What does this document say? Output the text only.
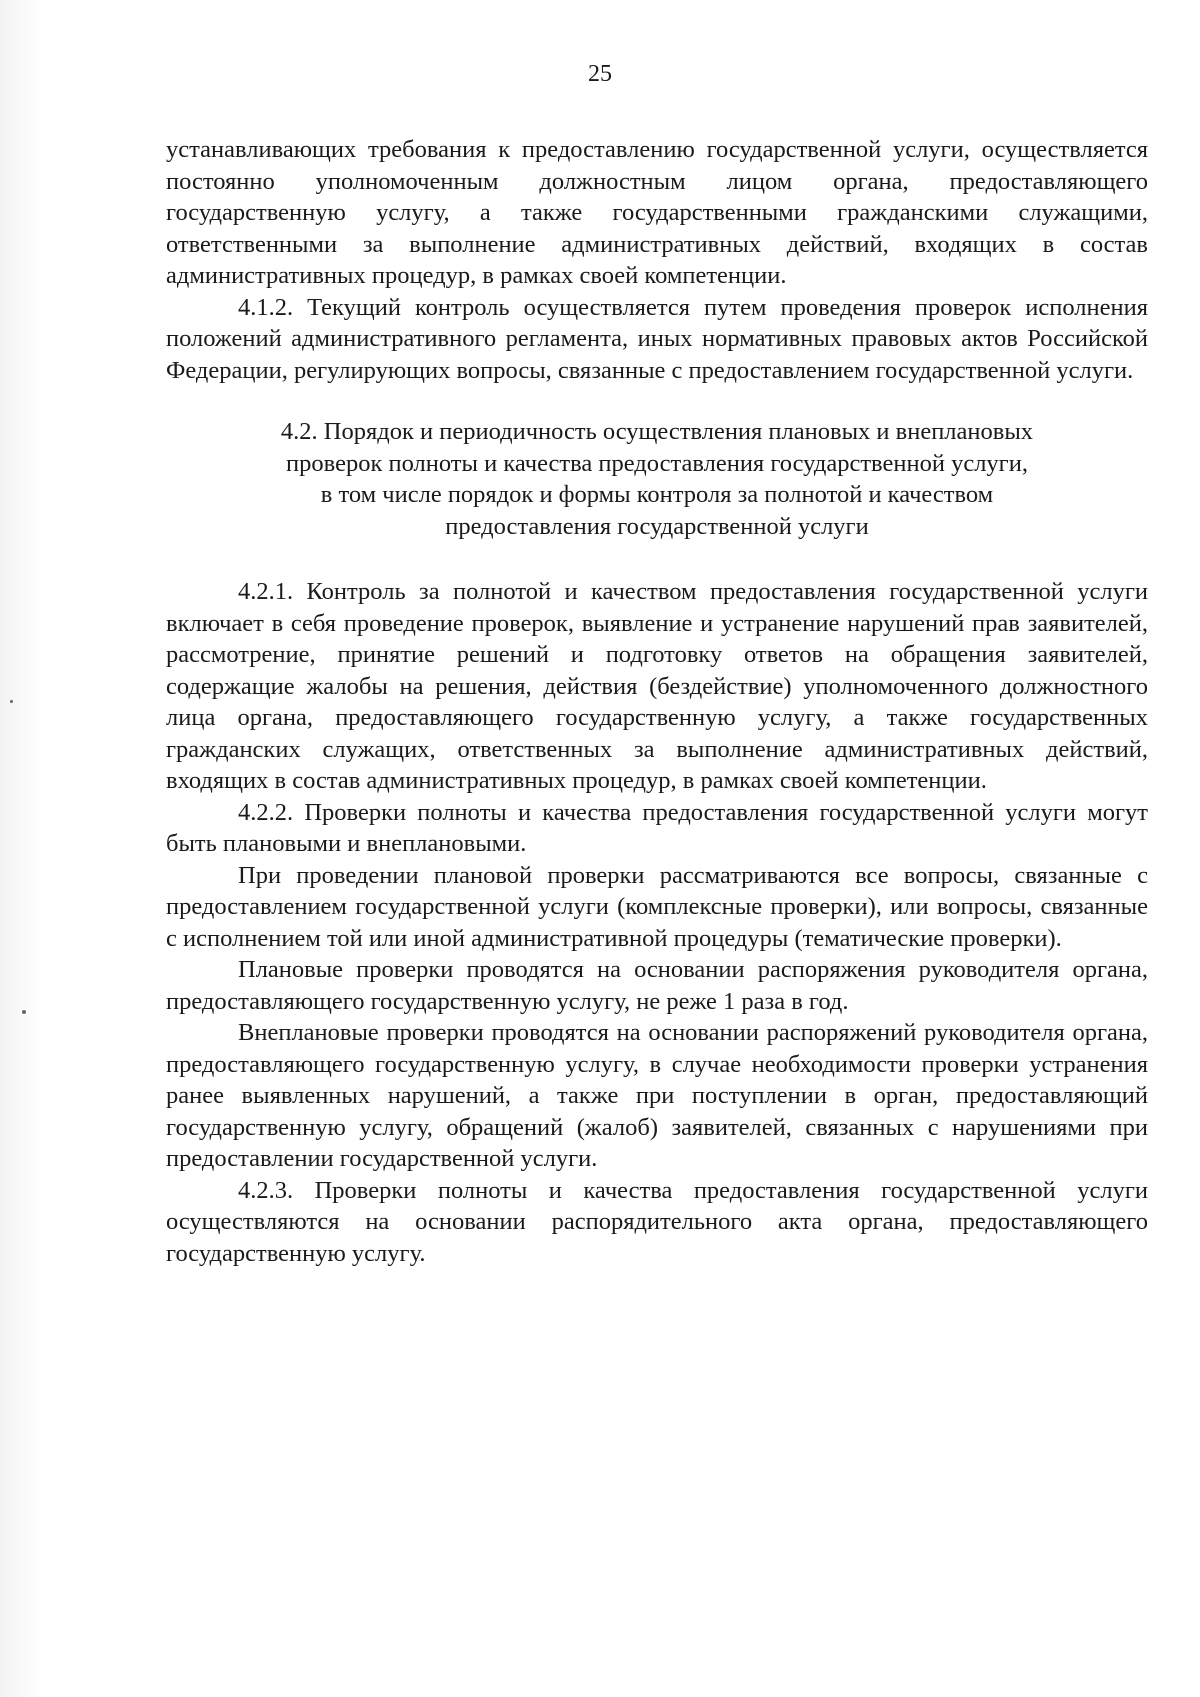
25

устанавливающих требования к предоставлению государственной услуги, осуществляется постоянно уполномоченным должностным лицом органа, предоставляющего государственную услугу, а также государственными гражданскими служащими, ответственными за выполнение административных действий, входящих в состав административных процедур, в рамках своей компетенции.

4.1.2. Текущий контроль осуществляется путем проведения проверок исполнения положений административного регламента, иных нормативных правовых актов Российской Федерации, регулирующих вопросы, связанные с предоставлением государственной услуги.

4.2. Порядок и периодичность осуществления плановых и внеплановых
проверок полноты и качества предоставления государственной услуги,
в том числе порядок и формы контроля за полнотой и качеством
предоставления государственной услуги

4.2.1. Контроль за полнотой и качеством предоставления государственной услуги включает в себя проведение проверок, выявление и устранение нарушений прав заявителей, рассмотрение, принятие решений и подготовку ответов на обращения заявителей, содержащие жалобы на решения, действия (бездействие) уполномоченного должностного лица органа, предоставляющего государственную услугу, а также государственных гражданских служащих, ответственных за выполнение административных действий, входящих в состав административных процедур, в рамках своей компетенции.

4.2.2. Проверки полноты и качества предоставления государственной услуги могут быть плановыми и внеплановыми.

При проведении плановой проверки рассматриваются все вопросы, связанные с предоставлением государственной услуги (комплексные проверки), или вопросы, связанные с исполнением той или иной административной процедуры (тематические проверки).

Плановые проверки проводятся на основании распоряжения руководителя органа, предоставляющего государственную услугу, не реже 1 раза в год.

Внеплановые проверки проводятся на основании распоряжений руководителя органа, предоставляющего государственную услугу, в случае необходимости проверки устранения ранее выявленных нарушений, а также при поступлении в орган, предоставляющий государственную услугу, обращений (жалоб) заявителей, связанных с нарушениями при предоставлении государственной услуги.

4.2.3. Проверки полноты и качества предоставления государственной услуги осуществляются на основании распорядительного акта органа, предоставляющего государственную услугу.
